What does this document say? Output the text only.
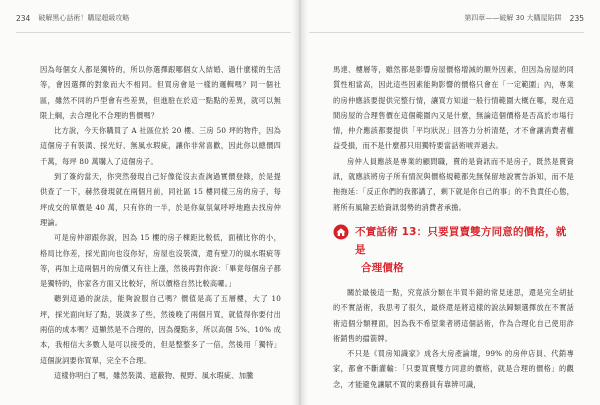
234 破解黑心話術！購屋超級攻略

因為每個女人都是獨特的，所以你選擇跟哪個女人結婚、過什麼樣的生活等，會因選擇的對象而大不相同。但買房會是一樣的邏輯嗎？同一個社區，雖然不同的戶型會有些差異，但進駐在於這一點點的差異，就可以無限上綱，去合理化不合理的售價嗎？

比方說，今天你購買了 A 社區位於 20 樓、三房 50 坪的物件，因為這個房子有裝潢、採光好、無風水瑕疵，讓你非常喜歡，因此你以總價四千萬，每坪 80 萬購入了這個房子。

到了簽約當天，你突然發現自己好像從沒去查詢過實價登錄，於是提供查了一下，赫然發現就在兩個月前，同社區 15 樓同樣三房的房子，每坪成交的單價是 40 萬，只有你的一半，於是你氣氛氣呼呼地跑去找房仲理論。

可是房仲卻跟你說，因為 15 樓的房子棟距比較低，面積比你的小，格局比你差，採光面向也沒你好，房屋也沒裝潢，還有壁刀的風水瑕疵等等，再加上這兩個月的房價又有往上漲，然後再對你說：「畢竟每個房子都是獨特的，你家各方面又比較好，所以價格自然比較高囉。」

聽到這過的說法，能夠說服自己嗎？價值是高了五層樓，大了 10 坪，採光面向好了點，裝潢多了些，然後晚了兩個月買，就值得你要付出兩倍的成本嗎？這顯然是不合理的，因為優點多，所以高個 5%、10% 成本，我相信大多數人是可以接受的，但是整整多了一倍，然後用「獨特」這個說詞要你買單，完全不合理。

這樣你明白了嗎，雖然裝潢、遮蔽物、視野、風水瑕疵、加騰

第四章——破解 30 大購屋陷阱 235

馬達、樓層等，雖然都是影響房屋價格增減的額外因素，但因為房屋的同質性相當高，因此這些因素能夠影響的價格只會在「一定範圍」內，專業的房仲應該要提供完整行情，讓買方知道一般行情範圍大概在哪，現在這間房屋的合理售價在這個範圍內又是什麼，無論這個價格是否高於市場行情，仲介應該都要提供「平均狀況」回答力分析清楚，才不會讓消費者權益受損，而不是什麼都只用獨特要當話術唬弄過去。

房仲人員應該是專業的顧問職，賣的是資訊而不是房子，既然是賣資訊，就應該將房子所有情況與價格規範都先無保留地說實告訴知，而不是拖拖延：「反正你們的我都講了，剩下就是你自己的事」的不負責任心態，將所有風險丟給資訊弱勢的消費者承擔。

不實話術 13：只要買賣雙方同意的價格，就是
合理價格

關於最後這一點，究竟該分類在半買半錯的常見迷思，還是完全胡扯的不實話術，我思考了很久，最終還是將這樣的說法歸類選擇放在不實話術這個分類裡面，因為我不希望業者將這個話術，作為合理化自己使用詐術銷售的擋箭牌。

不只是《買房知識家》成各大房產論壇，99% 的房仲店員、代銷專家，都會不斷灌輸：「只要買賣雙方同意的價格，就是合理的價格」的觀念，才能避免讓賦不買的業務員有靠辨可識，
